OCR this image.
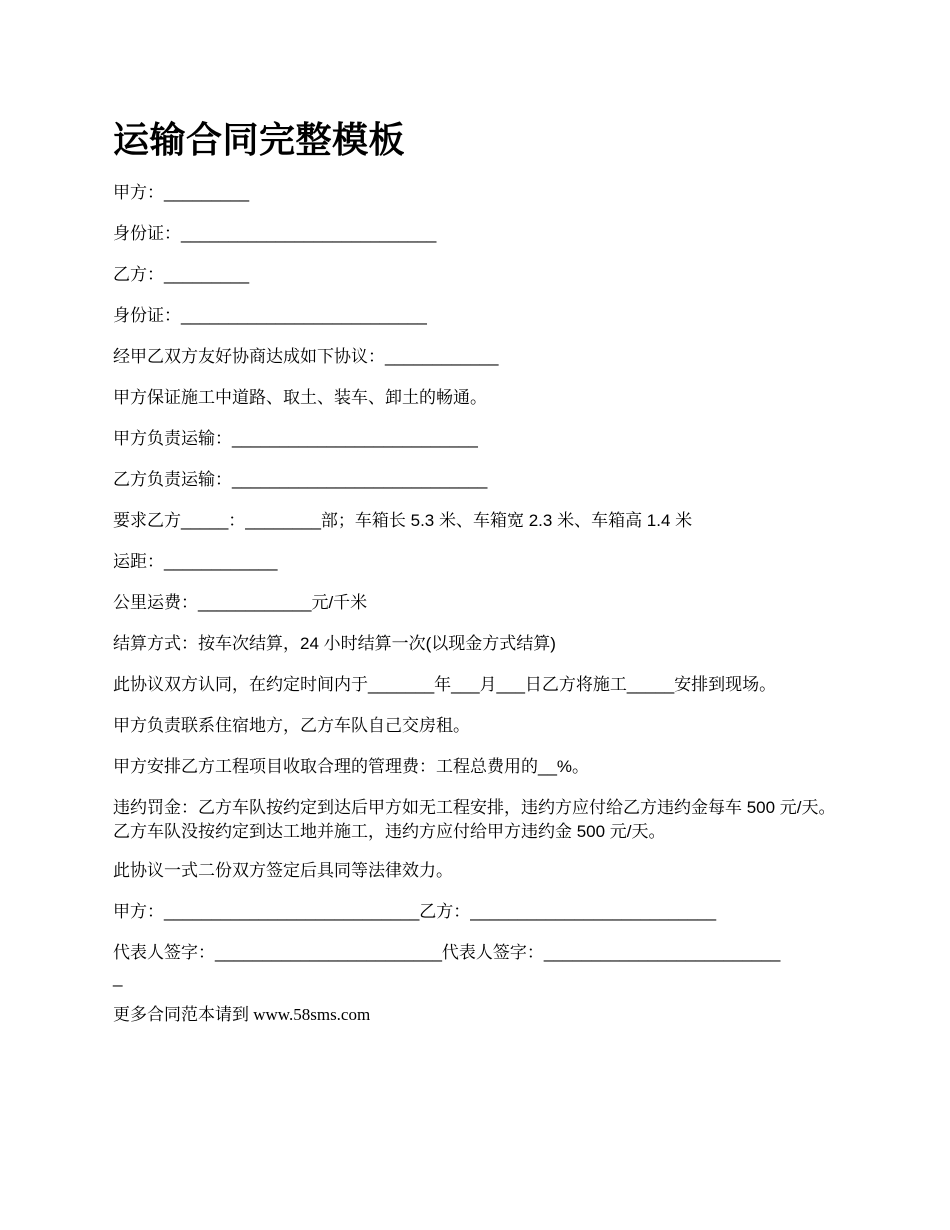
运输合同完整模板
甲方：_________
身份证：___________________________
乙方：_________
身份证：__________________________
经甲乙双方友好协商达成如下协议：____________
甲方保证施工中道路、取土、装车、卸土的畅通。
甲方负责运输：__________________________
乙方负责运输：___________________________
要求乙方_____：________部；车箱长 5.3 米、车箱宽 2.3 米、车箱高 1.4 米
运距：____________
公里运费：____________元/千米
结算方式：按车次结算，24 小时结算一次(以现金方式结算)
此协议双方认同，在约定时间内于_______年___月___日乙方将施工_____安排到现场。
甲方负责联系住宿地方，乙方车队自己交房租。
甲方安排乙方工程项目收取合理的管理费：工程总费用的__%。
违约罚金：乙方车队按约定到达后甲方如无工程安排，违约方应付给乙方违约金每车 500 元/天。乙方车队没按约定到达工地并施工，违约方应付给甲方违约金 500 元/天。
此协议一式二份双方签定后具同等法律效力。
甲方：___________________________乙方：__________________________
代表人签字：________________________代表人签字：_________________________
_
更多合同范本请到 www.58sms.com
